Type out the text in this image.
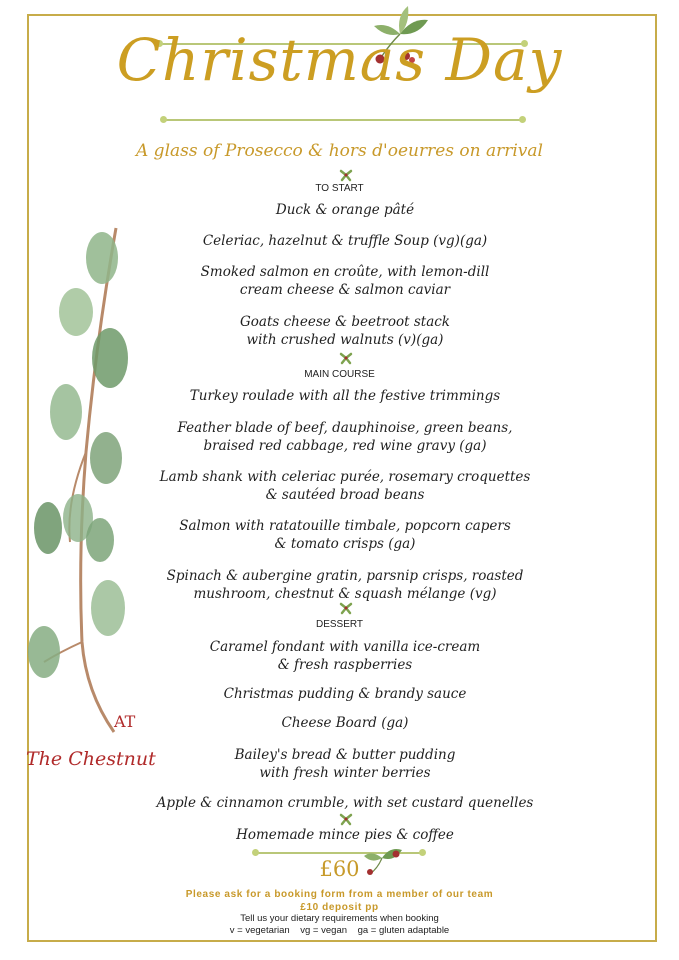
Christmas Day
A glass of Prosecco & hors d'oeurres on arrival
TO START
Duck & orange pâté
Celeriac, hazelnut & truffle Soup (vg)(ga)
Smoked salmon en croûte, with lemon-dill
cream cheese & salmon caviar
Goats cheese & beetroot stack
with crushed walnuts (v)(ga)
MAIN COURSE
Turkey roulade with all the festive trimmings
Feather blade of beef, dauphinoise, green beans,
braised red cabbage, red wine gravy (ga)
Lamb shank with celeriac purée, rosemary croquettes
& sautéed broad beans
Salmon with ratatouille timbale, popcorn capers
& tomato crisps (ga)
Spinach & aubergine gratin, parsnip crisps, roasted
mushroom, chestnut & squash mélange (vg)
DESSERT
Caramel fondant with vanilla ice-cream
& fresh raspberries
Christmas pudding & brandy sauce
Cheese Board (ga)
Bailey's bread & butter pudding
with fresh winter berries
Apple & cinnamon crumble, with set custard quenelles
Homemade mince pies & coffee
£60
Please ask for a booking form from a member of our team
£10 deposit pp
Tell us your dietary requirements when booking
v = vegetarian    vg = vegan    ga = gluten adaptable
AT
The Chestnut
